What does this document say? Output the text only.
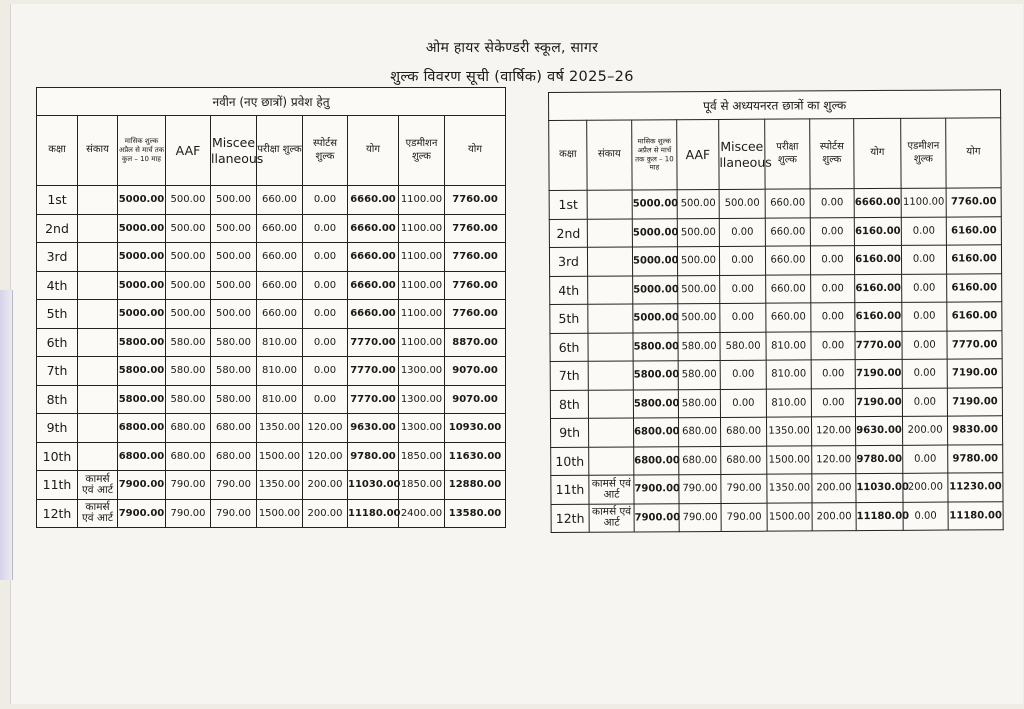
ओम हायर सेकेण्डरी स्कूल, सागर
शुल्क विवरण सूची (वार्षिक) वर्ष 2025–26
नवीन (नए छात्रों) प्रवेश हेतु									
कक्षा	संकाय	मासिक शुल्क अप्रैल से मार्च तक कुल – 10 माह	AAF	Miscee llaneous	परीक्षा शुल्क	स्पोर्टस शुल्क	योग	एडमीशन शुल्क	योग
1st		5000.00	500.00	500.00	660.00	0.00	6660.00	1100.00	7760.00
2nd		5000.00	500.00	500.00	660.00	0.00	6660.00	1100.00	7760.00
3rd		5000.00	500.00	500.00	660.00	0.00	6660.00	1100.00	7760.00
4th		5000.00	500.00	500.00	660.00	0.00	6660.00	1100.00	7760.00
5th		5000.00	500.00	500.00	660.00	0.00	6660.00	1100.00	7760.00
6th		5800.00	580.00	580.00	810.00	0.00	7770.00	1100.00	8870.00
7th		5800.00	580.00	580.00	810.00	0.00	7770.00	1300.00	9070.00
8th		5800.00	580.00	580.00	810.00	0.00	7770.00	1300.00	9070.00
9th		6800.00	680.00	680.00	1350.00	120.00	9630.00	1300.00	10930.00
10th		6800.00	680.00	680.00	1500.00	120.00	9780.00	1850.00	11630.00
11th	कामर्स एवं आर्ट	7900.00	790.00	790.00	1350.00	200.00	11030.00	1850.00	12880.00
12th	कामर्स एवं आर्ट	7900.00	790.00	790.00	1500.00	200.00	11180.00	2400.00	13580.00
पूर्व से अध्ययनरत छात्रों का शुल्क									
कक्षा	संकाय	मासिक शुल्क अप्रैल से मार्च तक कुल – 10 माह	AAF	Miscee llaneous	परीक्षा शुल्क	स्पोर्टस शुल्क	योग	एडमीशन शुल्क	योग
1st		5000.00	500.00	500.00	660.00	0.00	6660.00	1100.00	7760.00
2nd		5000.00	500.00	0.00	660.00	0.00	6160.00	0.00	6160.00
3rd		5000.00	500.00	0.00	660.00	0.00	6160.00	0.00	6160.00
4th		5000.00	500.00	0.00	660.00	0.00	6160.00	0.00	6160.00
5th		5000.00	500.00	0.00	660.00	0.00	6160.00	0.00	6160.00
6th		5800.00	580.00	580.00	810.00	0.00	7770.00	0.00	7770.00
7th		5800.00	580.00	0.00	810.00	0.00	7190.00	0.00	7190.00
8th		5800.00	580.00	0.00	810.00	0.00	7190.00	0.00	7190.00
9th		6800.00	680.00	680.00	1350.00	120.00	9630.00	200.00	9830.00
10th		6800.00	680.00	680.00	1500.00	120.00	9780.00	0.00	9780.00
11th	कामर्स एवं आर्ट	7900.00	790.00	790.00	1350.00	200.00	11030.00	200.00	11230.00
12th	कामर्स एवं आर्ट	7900.00	790.00	790.00	1500.00	200.00	11180.00	0.00	11180.00
